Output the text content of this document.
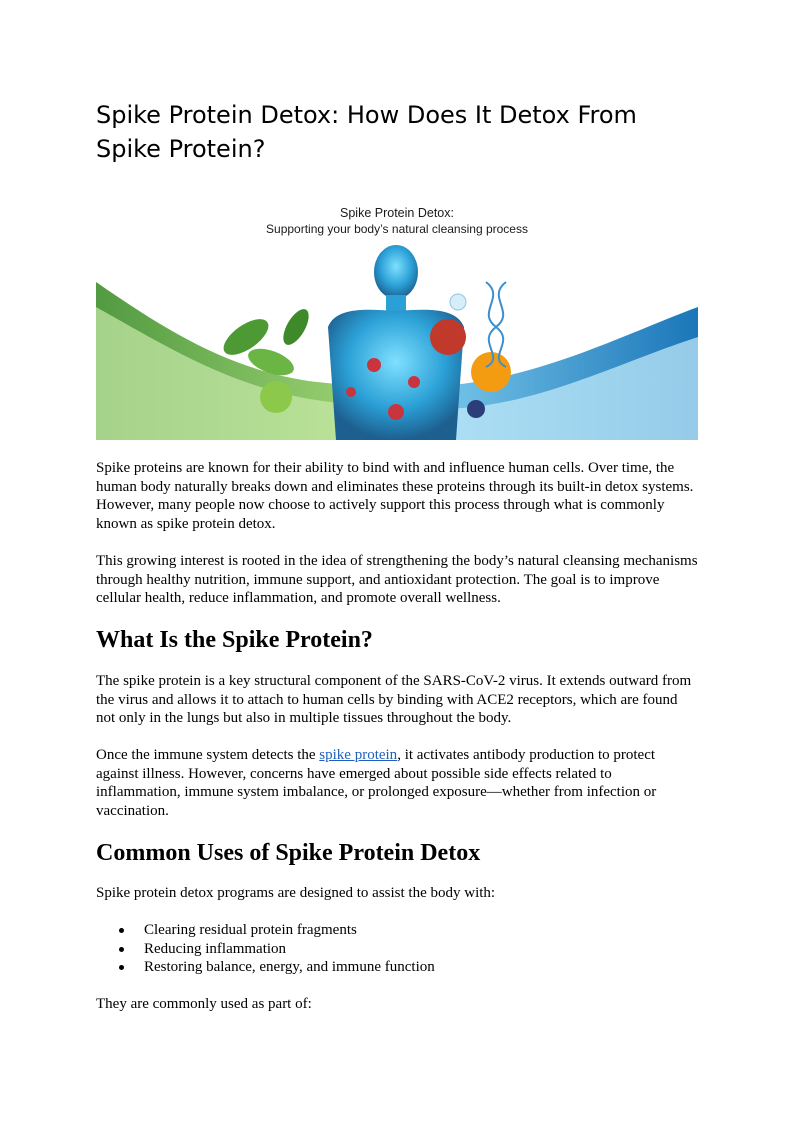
Spike Protein Detox: How Does It Detox From Spike Protein?
Spike Protein Detox:
Supporting your body’s natural cleansing process

Spike proteins are known for their ability to bind with and influence human cells. Over time, the human body naturally breaks down and eliminates these proteins through its built-in detox systems. However, many people now choose to actively support this process through what is commonly known as spike protein detox.

This growing interest is rooted in the idea of strengthening the body’s natural cleansing mechanisms through healthy nutrition, immune support, and antioxidant protection. The goal is to improve cellular health, reduce inflammation, and promote overall wellness.

What Is the Spike Protein?

The spike protein is a key structural component of the SARS-CoV-2 virus. It extends outward from the virus and allows it to attach to human cells by binding with ACE2 receptors, which are found not only in the lungs but also in multiple tissues throughout the body.

Once the immune system detects the spike protein, it activates antibody production to protect against illness. However, concerns have emerged about possible side effects related to inflammation, immune system imbalance, or prolonged exposure—whether from infection or vaccination.

Common Uses of Spike Protein Detox

Spike protein detox programs are designed to assist the body with:

Clearing residual protein fragments
Reducing inflammation
Restoring balance, energy, and immune function

They are commonly used as part of:
